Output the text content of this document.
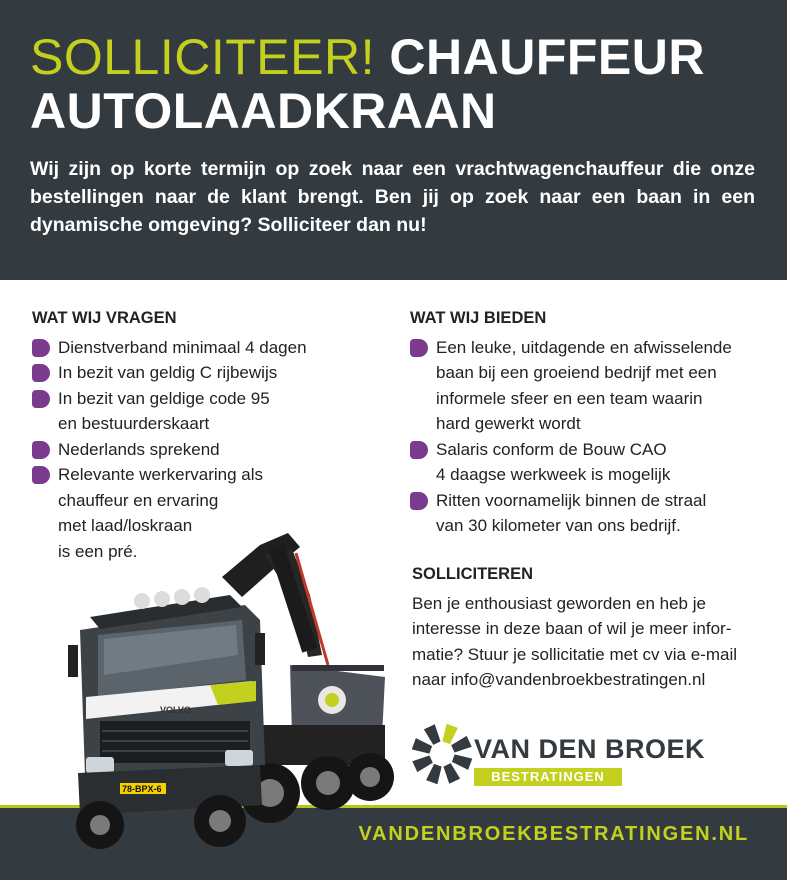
SOLLICITEER! CHAUFFEUR
AUTOLAADKRAAN
Wij zijn op korte termijn op zoek naar een vrachtwagenchauffeur die onze bestellingen naar de klant brengt. Ben jij op zoek naar een baan in een dynamische omgeving? Solliciteer dan nu!
WAT WIJ VRAGEN
Dienstverband minimaal 4 dagen
In bezit van geldig C rijbewijs
In bezit van geldige code 95
en bestuurderskaart
Nederlands sprekend
Relevante werkervaring als
chauffeur en ervaring
met laad/loskraan
is een pré.
WAT WIJ BIEDEN
Een leuke, uitdagende en afwisselende
baan bij een groeiend bedrijf met een
informele sfeer en een team waarin
hard gewerkt wordt
Salaris conform de Bouw CAO
4 daagse werkweek is mogelijk
Ritten voornamelijk binnen de straal
van 30 kilometer van ons bedrijf.
SOLLICITEREN

Ben je enthousiast geworden en heb je
interesse in deze baan of wil je meer infor-
matie? Stuur je sollicitatie met cv via e-mail
naar info@vandenbroekbestratingen.nl

VANDENBROEKBESTRATINGEN.NL
VOLVO
78-BPX-6
VAN DEN BROEK
BESTRATINGEN
